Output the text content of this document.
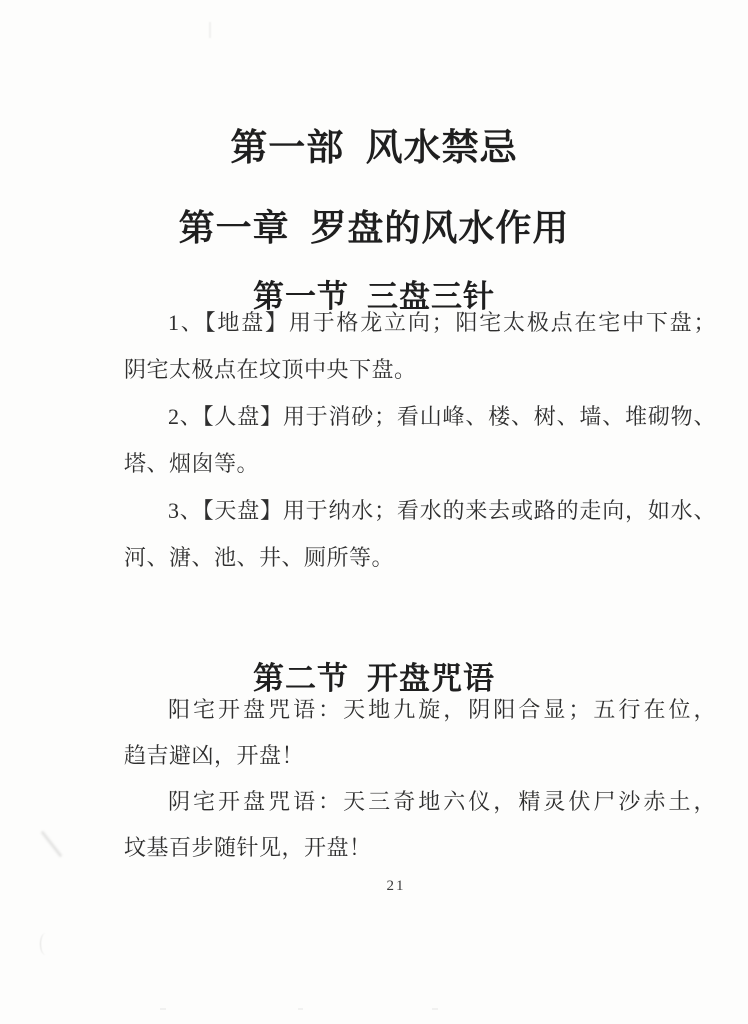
第一部 风水禁忌
第一章 罗盘的风水作用
第一节 三盘三针
1、【地盘】用于格龙立向；阳宅太极点在宅中下盘；
阴宅太极点在坟顶中央下盘。
2、【人盘】用于消砂；看山峰、楼、树、墙、堆砌物、
塔、烟囱等。
3、【天盘】用于纳水；看水的来去或路的走向，如水、
河、溏、池、井、厕所等。
第二节 开盘咒语
阳宅开盘咒语：天地九旋，阴阳合显；五行在位，
趋吉避凶，开盘！
阴宅开盘咒语：天三奇地六仪，精灵伏尸沙赤土，
坟基百步随针见，开盘！
21
